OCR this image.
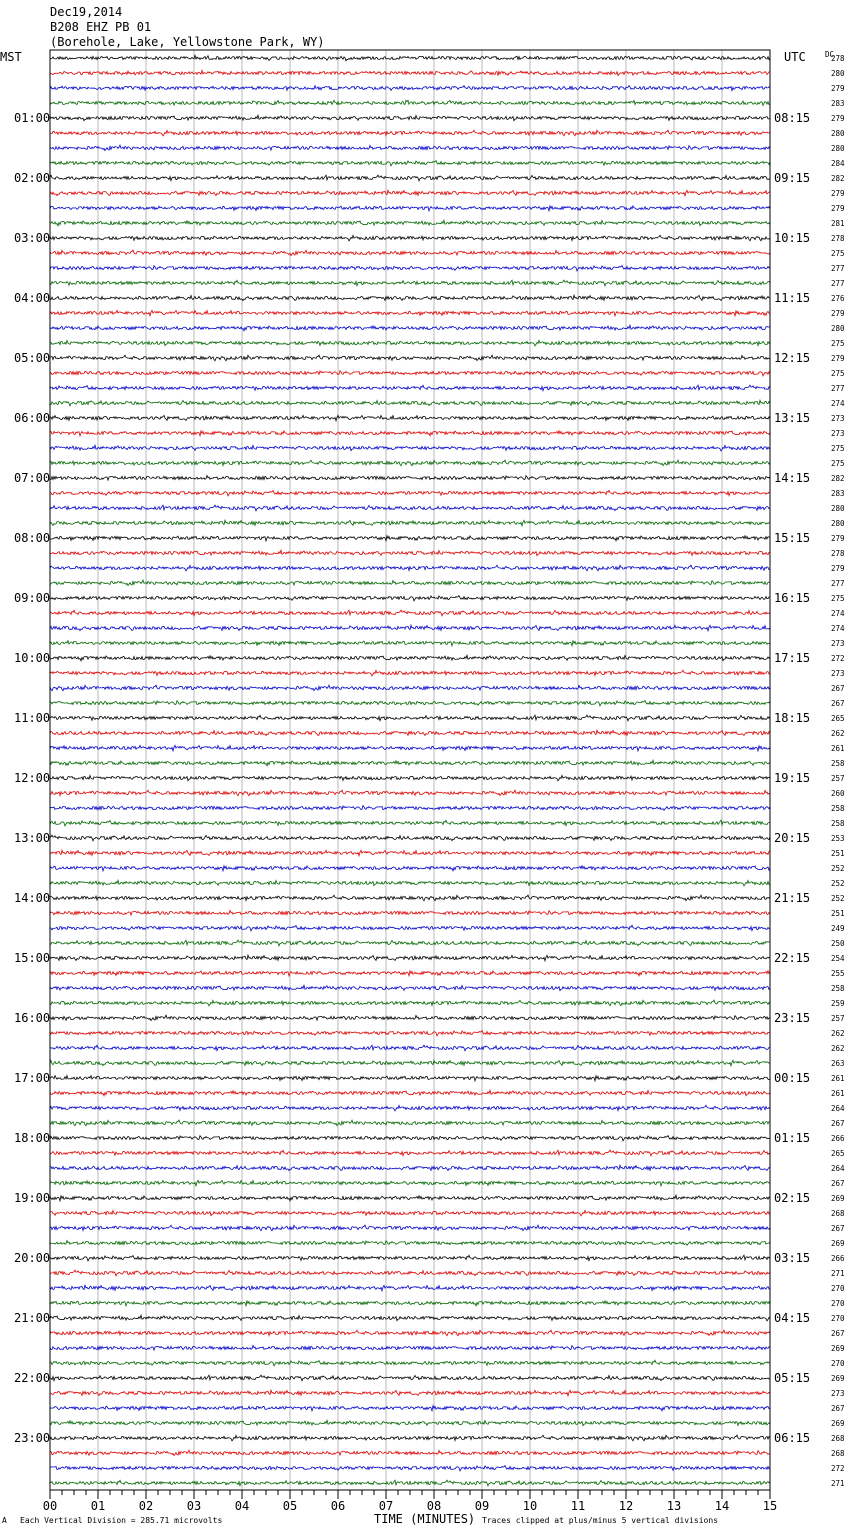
Dec19,2014
B208 EHZ PB 01
(Borehole, Lake, Yellowstone Park, WY)
MST	UTC	DC
01:00	08:15
02:00	09:15
03:00	10:15
04:00	11:15
05:00	12:15
06:00	13:15
07:00	14:15
08:00	15:15
09:00	16:15
10:00	17:15
11:00	18:15
12:00	19:15
13:00	20:15
14:00	21:15
15:00	22:15
16:00	23:15
17:00	00:15
18:00	01:15
19:00	02:15
20:00	03:15
21:00	04:15
22:00	05:15
23:00	06:15
278
280
279
283
279
280
280
284
282
279
279
281
278
275
277
277
276
279
280
275
279
275
277
274
273
273
275
275
282
283
280
280
279
278
279
277
275
274
274
273
272
273
267
267
265
262
261
258
257
260
258
258
253
251
252
252
252
251
249
250
254
255
258
259
257
262
262
263
261
261
264
267
266
265
264
267
269
268
267
269
266
271
270
270
270
267
269
270
269
273
267
269
268
268
272
271
00	01	02	03	04	05	06	07	08	09	10	11	12	13	14	15
A Each Vertical Division = 285.71 microvolts	TIME (MINUTES) Traces clipped at plus/minus 5 vertical divisions
